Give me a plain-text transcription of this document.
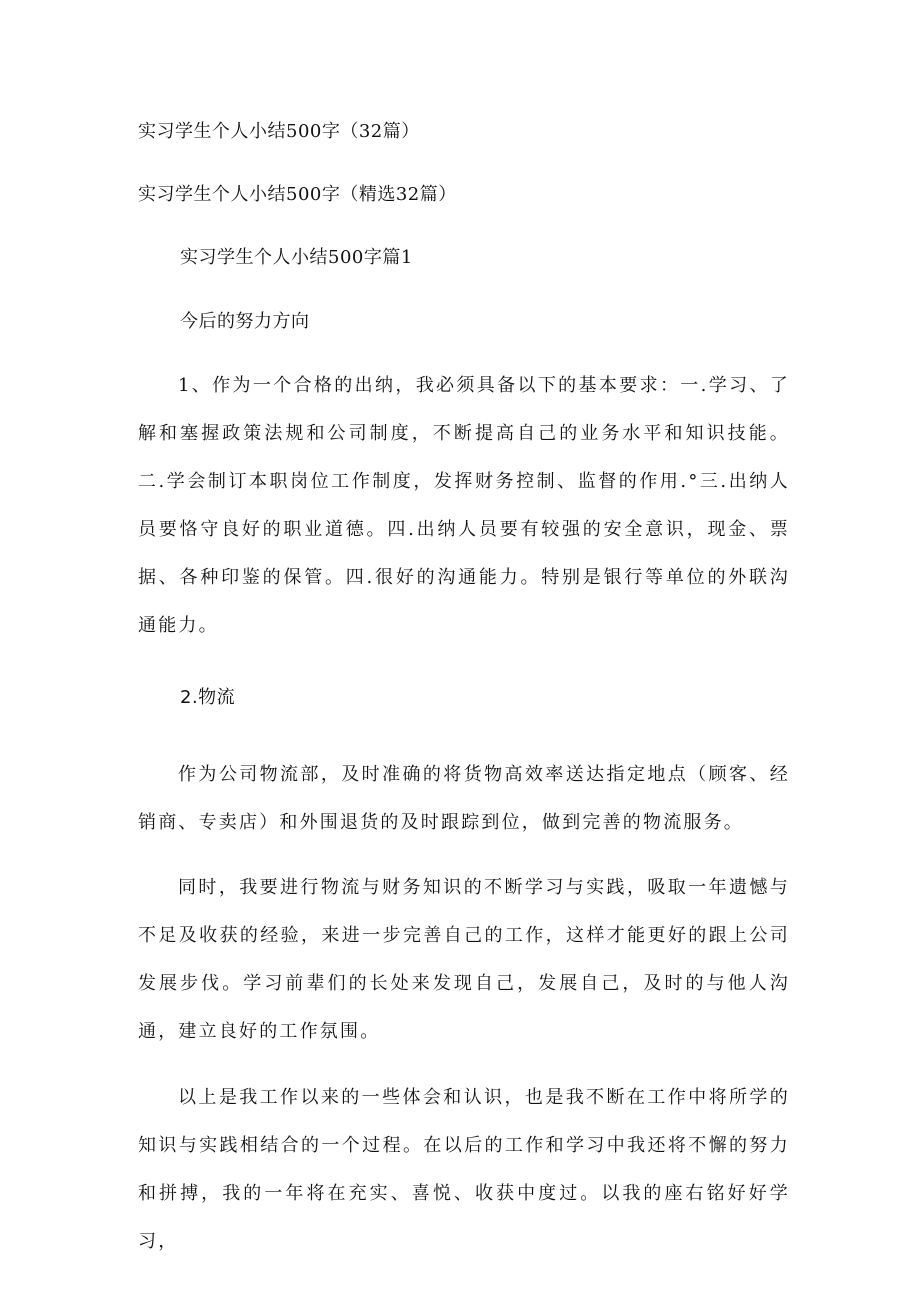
实习学生个人小结500字（32篇）
实习学生个人小结500字（精选32篇）
实习学生个人小结500字篇1
今后的努力方向
1、作为一个合格的出纳，我必须具备以下的基本要求：一.学习、了解和塞握政策法规和公司制度，不断提高自己的业务水平和知识技能。二.学会制订本职岗位工作制度，发挥财务控制、监督的作用.°三.出纳人员要恪守良好的职业道德。四.出纳人员要有较强的安全意识，现金、票据、各种印鉴的保管。四.很好的沟通能力。特别是银行等单位的外联沟通能力。
2.物流
作为公司物流部，及时准确的将货物高效率送达指定地点（顾客、经销商、专卖店）和外围退货的及时跟踪到位，做到完善的物流服务。
同时，我要进行物流与财务知识的不断学习与实践，吸取一年遗憾与不足及收获的经验，来进一步完善自己的工作，这样才能更好的跟上公司发展步伐。学习前辈们的长处来发现自己，发展自己，及时的与他人沟通，建立良好的工作氛围。
以上是我工作以来的一些体会和认识，也是我不断在工作中将所学的知识与实践相结合的一个过程。在以后的工作和学习中我还将不懈的努力和拼搏，我的一年将在充实、喜悦、收获中度过。以我的座右铭好好学习，
